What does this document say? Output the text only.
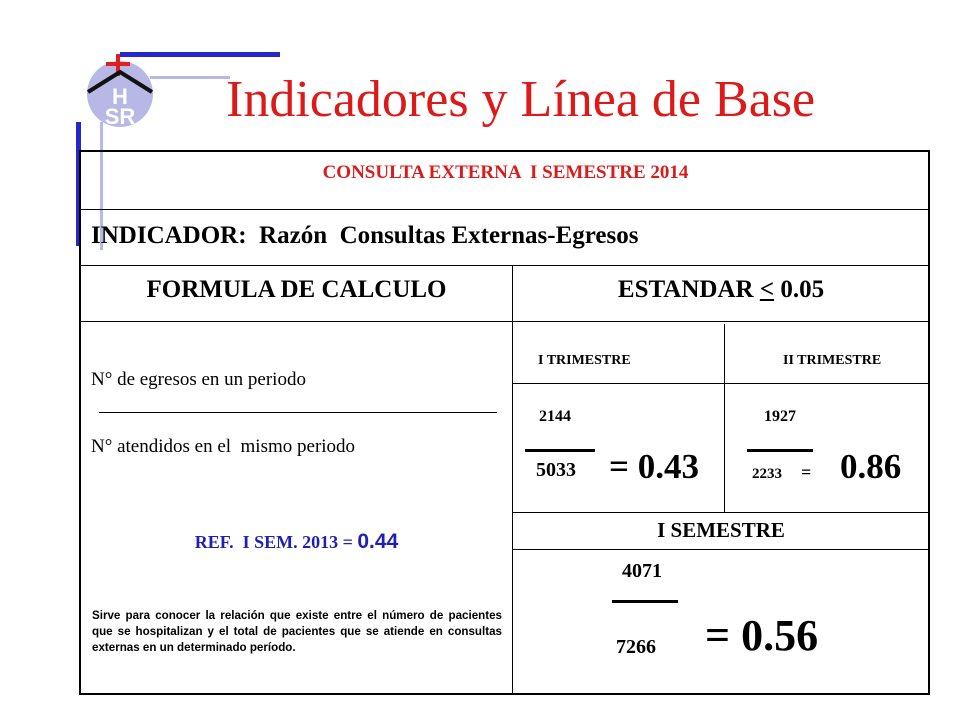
H
SR Indicadores y Línea de Base
CONSULTA EXTERNA  I SEMESTRE 2014
INDICADOR:  Razón  Consultas Externas-Egresos
FORMULA DE CALCULO	ESTANDAR < 0.05
N° de egresos en un periodo
N° atendidos en el  mismo periodo
REF.  I SEM. 2013 = 0.44
Sirve para conocer la relación que existe entre el número de pacientes que se hospitalizan y el total de pacientes que se atiende en consultas externas en un determinado período.
I TRIMESTRE
2144
5033 = 0.43
II TRIMESTRE
1927
2233 = 0.86
I SEMESTRE
4071
7266 = 0.56
